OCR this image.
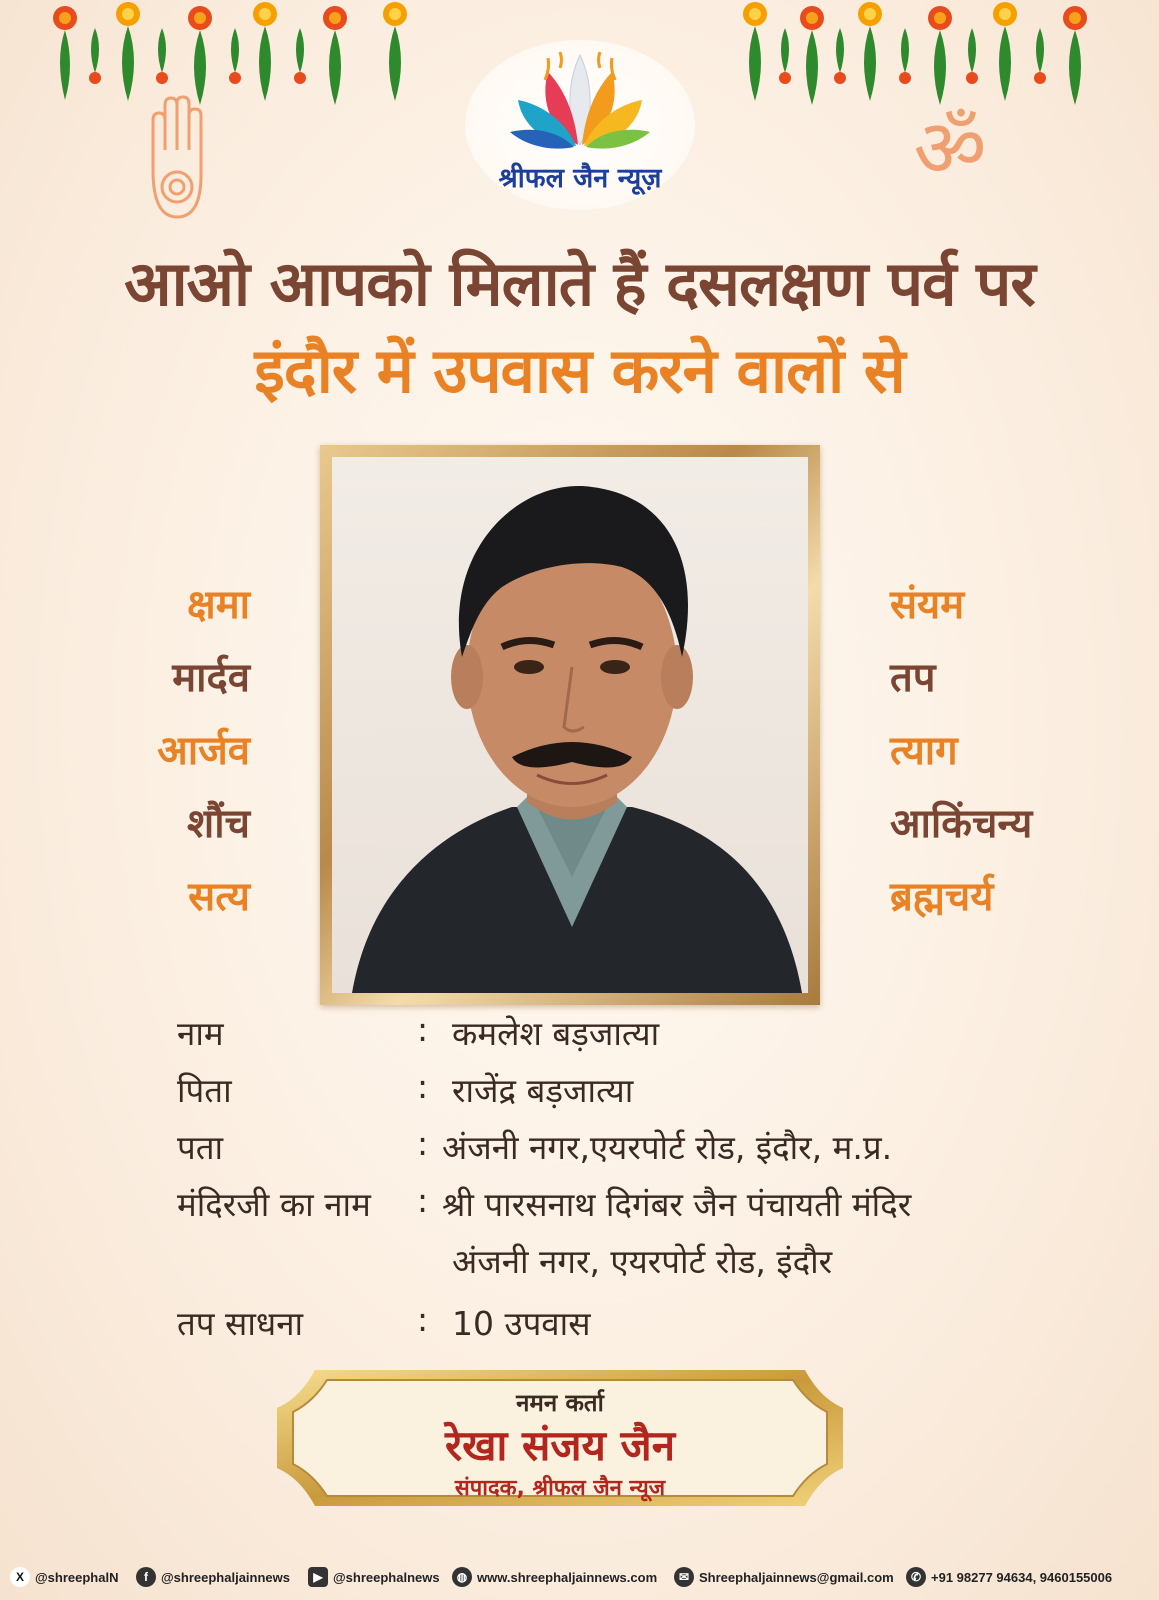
श्रीफल जैन न्यूज़	ॐ
आओ आपको मिलाते हैं दसलक्षण पर्व पर
इंदौर में उपवास करने वालों से
क्षमा
मार्दव
आर्जव
शौंच
सत्य
संयम
तप
त्याग
आकिंचन्य
ब्रह्मचर्य
नाम	: कमलेश बड़जात्या
पिता	: राजेंद्र बड़जात्या
पता	: अंजनी नगर,एयरपोर्ट रोड, इंदौर, म.प्र.
मंदिरजी का नाम : श्री पारसनाथ दिगंबर जैन पंचायती मंदिर
अंजनी नगर, एयरपोर्ट रोड, इंदौर
तप साधना	: 10 उपवास
नमन कर्ता
रेखा संजय जैन
संपादक, श्रीफल जैन न्यूज
X @shreephalN	f	@shreephaljainnews	▶ @shreephalnews	◍ www.shreephaljainnews.com	✉ Shreephaljainnews@gmail.com	✆ +91 98277 94634, 9460155006
